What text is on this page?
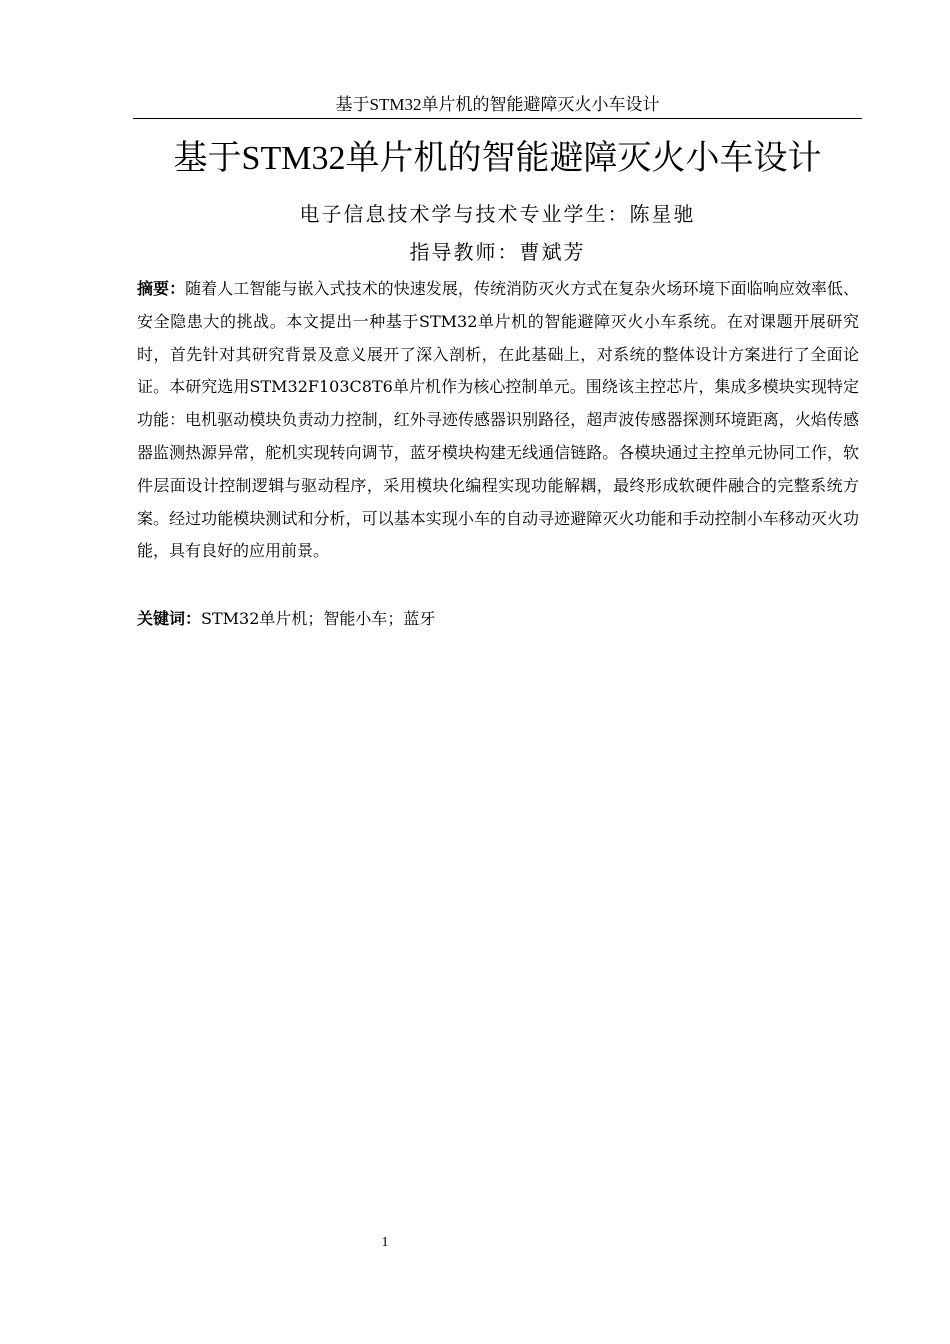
基于STM32单片机的智能避障灭火小车设计
基于STM32单片机的智能避障灭火小车设计
电子信息技术学与技术专业学生：陈星驰
指导教师：曹斌芳

摘要：随着人工智能与嵌入式技术的快速发展，传统消防灭火方式在复杂火场环境下面临响应效率低、安全隐患大的挑战。本文提出一种基于STM32单片机的智能避障灭火小车系统。在对课题开展研究时，首先针对其研究背景及意义展开了深入剖析，在此基础上，对系统的整体设计方案进行了全面论证。本研究选用STM32F103C8T6单片机作为核心控制单元。围绕该主控芯片，集成多模块实现特定功能：电机驱动模块负责动力控制，红外寻迹传感器识别路径，超声波传感器探测环境距离，火焰传感器监测热源异常，舵机实现转向调节，蓝牙模块构建无线通信链路。各模块通过主控单元协同工作，软件层面设计控制逻辑与驱动程序，采用模块化编程实现功能解耦，最终形成软硬件融合的完整系统方案。经过功能模块测试和分析，可以基本实现小车的自动寻迹避障灭火功能和手动控制小车移动灭火功能，具有良好的应用前景。

关键词：STM32单片机；智能小车；蓝牙
1
